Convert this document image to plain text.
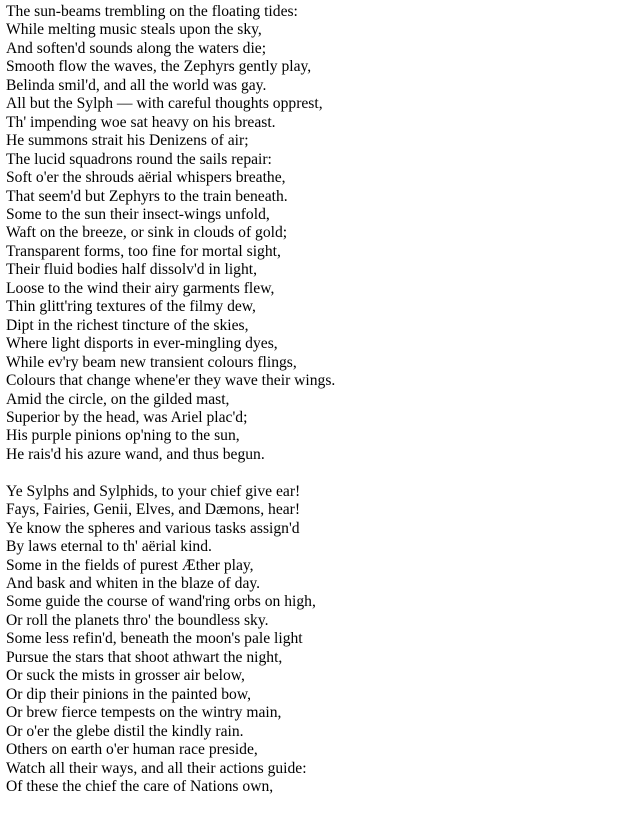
The sun-beams trembling on the floating tides:
While melting music steals upon the sky,
And soften'd sounds along the waters die;
Smooth flow the waves, the Zephyrs gently play,
Belinda smil'd, and all the world was gay.
All but the Sylph — with careful thoughts opprest,
Th' impending woe sat heavy on his breast.
He summons strait his Denizens of air;
The lucid squadrons round the sails repair:
Soft o'er the shrouds aërial whispers breathe,
That seem'd but Zephyrs to the train beneath.
Some to the sun their insect-wings unfold,
Waft on the breeze, or sink in clouds of gold;
Transparent forms, too fine for mortal sight,
Their fluid bodies half dissolv'd in light,
Loose to the wind their airy garments flew,
Thin glitt'ring textures of the filmy dew,
Dipt in the richest tincture of the skies,
Where light disports in ever-mingling dyes,
While ev'ry beam new transient colours flings,
Colours that change whene'er they wave their wings.
Amid the circle, on the gilded mast,
Superior by the head, was Ariel plac'd;
His purple pinions op'ning to the sun,
He rais'd his azure wand, and thus begun.
Ye Sylphs and Sylphids, to your chief give ear!
Fays, Fairies, Genii, Elves, and Dæmons, hear!
Ye know the spheres and various tasks assign'd
By laws eternal to th' aërial kind.
Some in the fields of purest Æther play,
And bask and whiten in the blaze of day.
Some guide the course of wand'ring orbs on high,
Or roll the planets thro' the boundless sky.
Some less refin'd, beneath the moon's pale light
Pursue the stars that shoot athwart the night,
Or suck the mists in grosser air below,
Or dip their pinions in the painted bow,
Or brew fierce tempests on the wintry main,
Or o'er the glebe distil the kindly rain.
Others on earth o'er human race preside,
Watch all their ways, and all their actions guide:
Of these the chief the care of Nations own,
